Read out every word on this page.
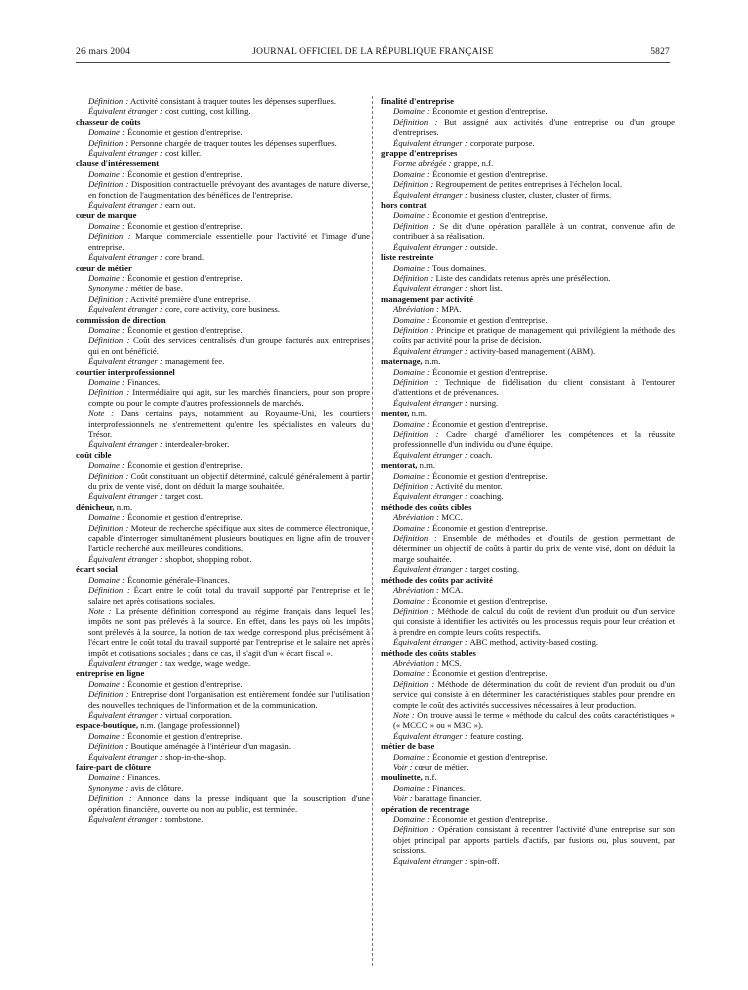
26 mars 2004	JOURNAL OFFICIEL DE LA RÉPUBLIQUE FRANÇAISE	5827

Définition : Activité consistant à traquer toutes les dépenses superflues.

Équivalent étranger : cost cutting, cost killing.

chasseur de coûts

Domaine : Économie et gestion d'entreprise.

Définition : Personne chargée de traquer toutes les dépenses superflues.

Équivalent étranger : cost killer.

clause d'intéressement

Domaine : Économie et gestion d'entreprise.

Définition : Disposition contractuelle prévoyant des avantages de nature diverse, en fonction de l'augmentation des bénéfices de l'entreprise.

Équivalent étranger : earn out.

cœur de marque

Domaine : Économie et gestion d'entreprise.

Définition : Marque commerciale essentielle pour l'activité et l'image d'une entreprise.

Équivalent étranger : core brand.

cœur de métier

Domaine : Économie et gestion d'entreprise.

Synonyme : métier de base.

Définition : Activité première d'une entreprise.

Équivalent étranger : core, core activity, core business.

commission de direction

Domaine : Économie et gestion d'entreprise.

Définition : Coût des services centralisés d'un groupe facturés aux entreprises qui en ont bénéficié.

Équivalent étranger : management fee.

courtier interprofessionnel

Domaine : Finances.

Définition : Intermédiaire qui agit, sur les marchés financiers, pour son propre compte ou pour le compte d'autres professionnels de marchés.

Note : Dans certains pays, notamment au Royaume-Uni, les courtiers interprofessionnels ne s'entremettent qu'entre les spécialistes en valeurs du Trésor.

Équivalent étranger : interdealer-broker.

coût cible

Domaine : Économie et gestion d'entreprise.

Définition : Coût constituant un objectif déterminé, calculé généralement à partir du prix de vente visé, dont on déduit la marge souhaitée.

Équivalent étranger : target cost.

dénicheur, n.m.

Domaine : Économie et gestion d'entreprise.

Définition : Moteur de recherche spécifique aux sites de commerce électronique, capable d'interroger simultanément plusieurs boutiques en ligne afin de trouver l'article recherché aux meilleures conditions.

Équivalent étranger : shopbot, shopping robot.

écart social

Domaine : Économie générale-Finances.

Définition : Écart entre le coût total du travail supporté par l'entreprise et le salaire net après cotisations sociales.

Note : La présente définition correspond au régime français dans lequel les impôts ne sont pas prélevés à la source. En effet, dans les pays où les impôts sont prélevés à la source, la notion de tax wedge correspond plus précisément à l'écart entre le coût total du travail supporté par l'entreprise et le salaire net après impôt et cotisations sociales ; dans ce cas, il s'agit d'un « écart fiscal ».

Équivalent étranger : tax wedge, wage wedge.

entreprise en ligne

Domaine : Économie et gestion d'entreprise.

Définition : Entreprise dont l'organisation est entièrement fondée sur l'utilisation des nouvelles techniques de l'information et de la communication.

Équivalent étranger : virtual corporation.

espace-boutique, n.m. (langage professionnel)

Domaine : Économie et gestion d'entreprise.

Définition : Boutique aménagée à l'intérieur d'un magasin.

Équivalent étranger : shop-in-the-shop.

faire-part de clôture

Domaine : Finances.

Synonyme : avis de clôture.

Définition : Annonce dans la presse indiquant que la souscription d'une opération financière, ouverte ou non au public, est terminée.

Équivalent étranger : tombstone.

finalité d'entreprise

Domaine : Économie et gestion d'entreprise.

Définition : But assigné aux activités d'une entreprise ou d'un groupe d'entreprises.

Équivalent étranger : corporate purpose.

grappe d'entreprises

Forme abrégée : grappe, n.f.

Domaine : Économie et gestion d'entreprise.

Définition : Regroupement de petites entreprises à l'échelon local.

Équivalent étranger : business cluster, cluster, cluster of firms.

hors contrat

Domaine : Économie et gestion d'entreprise.

Définition : Se dit d'une opération parallèle à un contrat, convenue afin de contribuer à sa réalisation.

Équivalent étranger : outside.

liste restreinte

Domaine : Tous domaines.

Définition : Liste des candidats retenus après une présélection.

Équivalent étranger : short list.

management par activité

Abréviation : MPA.

Domaine : Économie et gestion d'entreprise.

Définition : Principe et pratique de management qui privilégient la méthode des coûts par activité pour la prise de décision.

Équivalent étranger : activity-based management (ABM).

maternage, n.m.

Domaine : Économie et gestion d'entreprise.

Définition : Technique de fidélisation du client consistant à l'entourer d'attentions et de prévenances.

Équivalent étranger : nursing.

mentor, n.m.

Domaine : Économie et gestion d'entreprise.

Définition : Cadre chargé d'améliorer les compétences et la réussite professionnelle d'un individu ou d'une équipe.

Équivalent étranger : coach.

mentorat, n.m.

Domaine : Économie et gestion d'entreprise.

Définition : Activité du mentor.

Équivalent étranger : coaching.

méthode des coûts cibles

Abréviation : MCC.

Domaine : Économie et gestion d'entreprise.

Définition : Ensemble de méthodes et d'outils de gestion permettant de déterminer un objectif de coûts à partir du prix de vente visé, dont on déduit la marge souhaitée.

Équivalent étranger : target costing.

méthode des coûts par activité

Abréviation : MCA.

Domaine : Économie et gestion d'entreprise.

Définition : Méthode de calcul du coût de revient d'un produit ou d'un service qui consiste à identifier les activités ou les processus requis pour leur création et à prendre en compte leurs coûts respectifs.

Équivalent étranger : ABC method, activity-based costing.

méthode des coûts stables

Abréviation : MCS.

Domaine : Économie et gestion d'entreprise.

Définition : Méthode de détermination du coût de revient d'un produit ou d'un service qui consiste à en déterminer les caractéristiques stables pour prendre en compte le coût des activités successives nécessaires à leur production.

Note : On trouve aussi le terme « méthode du calcul des coûts caractéristiques » (« MCCC » ou « M3C »).

Équivalent étranger : feature costing.

métier de base

Domaine : Économie et gestion d'entreprise.

Voir : cœur de métier.

moulinette, n.f.

Domaine : Finances.

Voir : barattage financier.

opération de recentrage

Domaine : Économie et gestion d'entreprise.

Définition : Opération consistant à recentrer l'activité d'une entreprise sur son objet principal par apports partiels d'actifs, par fusions ou, plus souvent, par scissions.

Équivalent étranger : spin-off.
